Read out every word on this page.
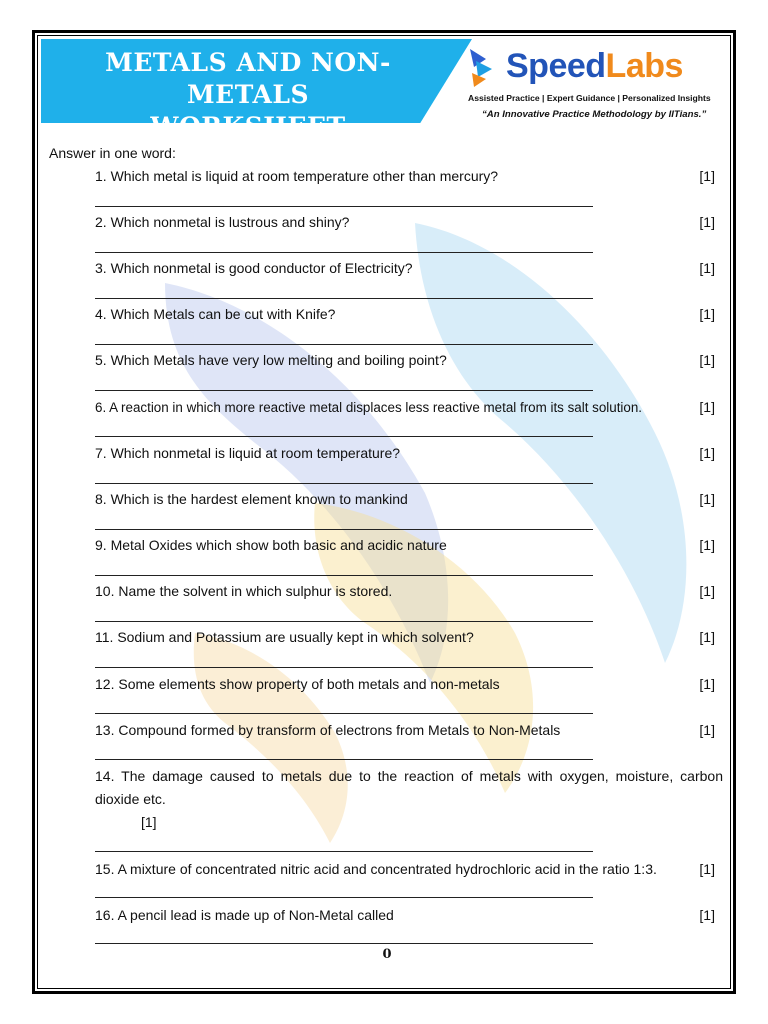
METALS AND NON-METALS
WORKSHEET
SpeedLabs
Assisted Practice | Expert Guidance | Personalized Insights
“An Innovative Practice Methodology by IITians.”
Answer in one word:
1. Which metal is liquid at room temperature other than mercury?	[1]
2. Which nonmetal is lustrous and shiny?	[1]
3. Which nonmetal is good conductor of Electricity?	[1]
4. Which Metals can be cut with Knife?	[1]
5. Which Metals have very low melting and boiling point?	[1]
6. A reaction in which more reactive metal displaces less reactive metal from its salt solution.	[1]
7. Which nonmetal is liquid at room temperature?	[1]
8. Which is the hardest element known to mankind	[1]
9. Metal Oxides which show both basic and acidic nature	[1]
10. Name the solvent in which sulphur is stored.	[1]
11. Sodium and Potassium are usually kept in which solvent?	[1]
12. Some elements show property of both metals and non-metals	[1]
13. Compound formed by transform of electrons from Metals to Non-Metals	[1]
14. The damage caused to metals due to the reaction of metals with oxygen, moisture, carbon dioxide etc.
[1]
15. A mixture of concentrated nitric acid and concentrated hydrochloric acid in the ratio 1:3.	[1]
16. A pencil lead is made up of Non-Metal called	[1]
0
